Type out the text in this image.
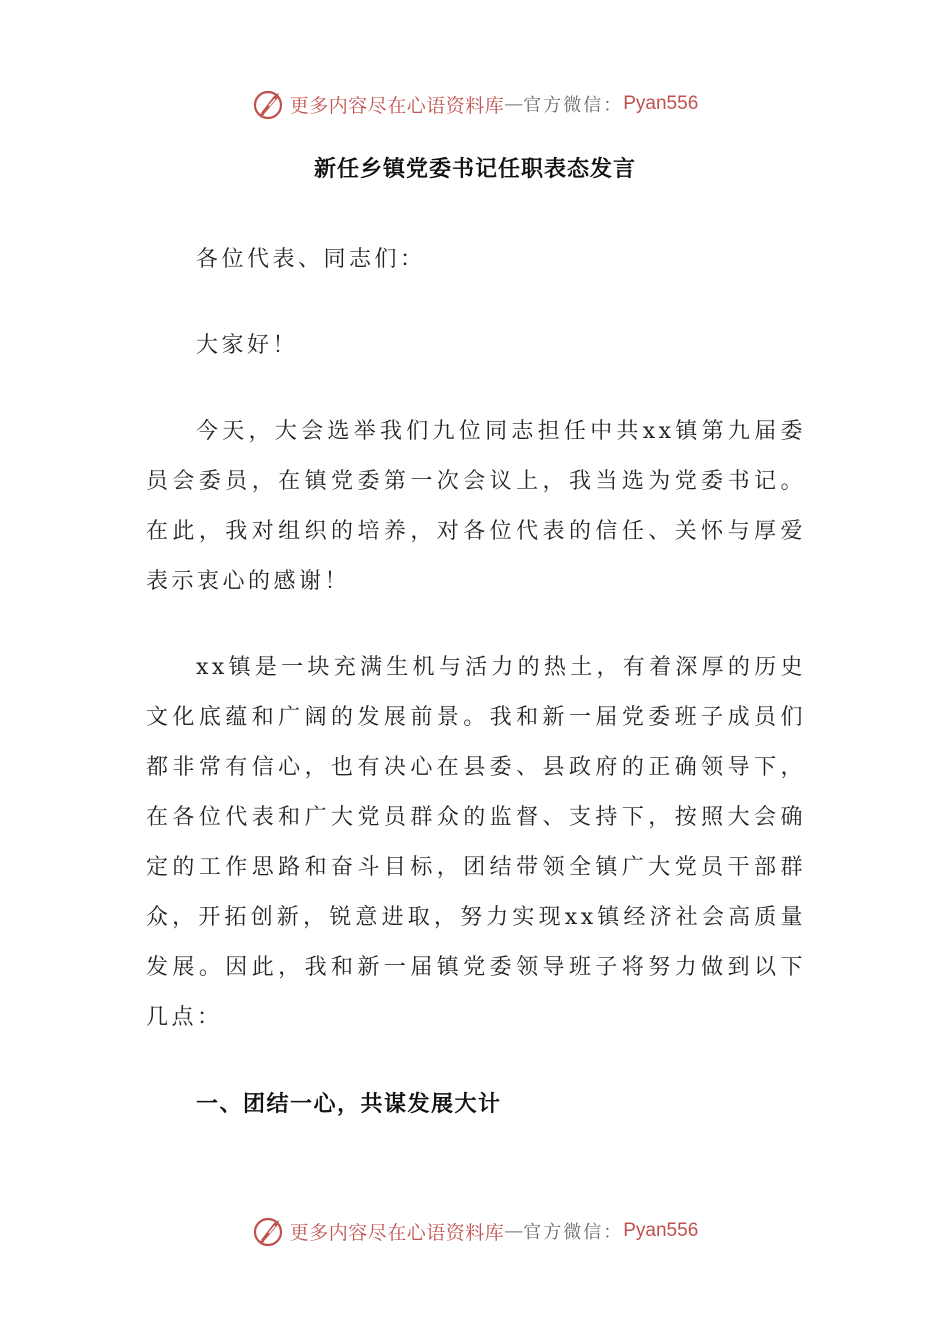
更多内容尽在心语资料库 — 官方微信： Pyan556
新任乡镇党委书记任职表态发言

各位代表、同志们：

大家好！

今天，大会选举我们九位同志担任中共xx镇第九届委员会委员，在镇党委第一次会议上，我当选为党委书记。在此，我对组织的培养，对各位代表的信任、关怀与厚爱表示衷心的感谢！

xx镇是一块充满生机与活力的热土，有着深厚的历史文化底蕴和广阔的发展前景。我和新一届党委班子成员们都非常有信心，也有决心在县委、县政府的正确领导下，在各位代表和广大党员群众的监督、支持下，按照大会确定的工作思路和奋斗目标，团结带领全镇广大党员干部群众，开拓创新，锐意进取，努力实现xx镇经济社会高质量发展。因此，我和新一届镇党委领导班子将努力做到以下几点：

一、团结一心，共谋发展大计

更多内容尽在心语资料库 — 官方微信： Pyan556
